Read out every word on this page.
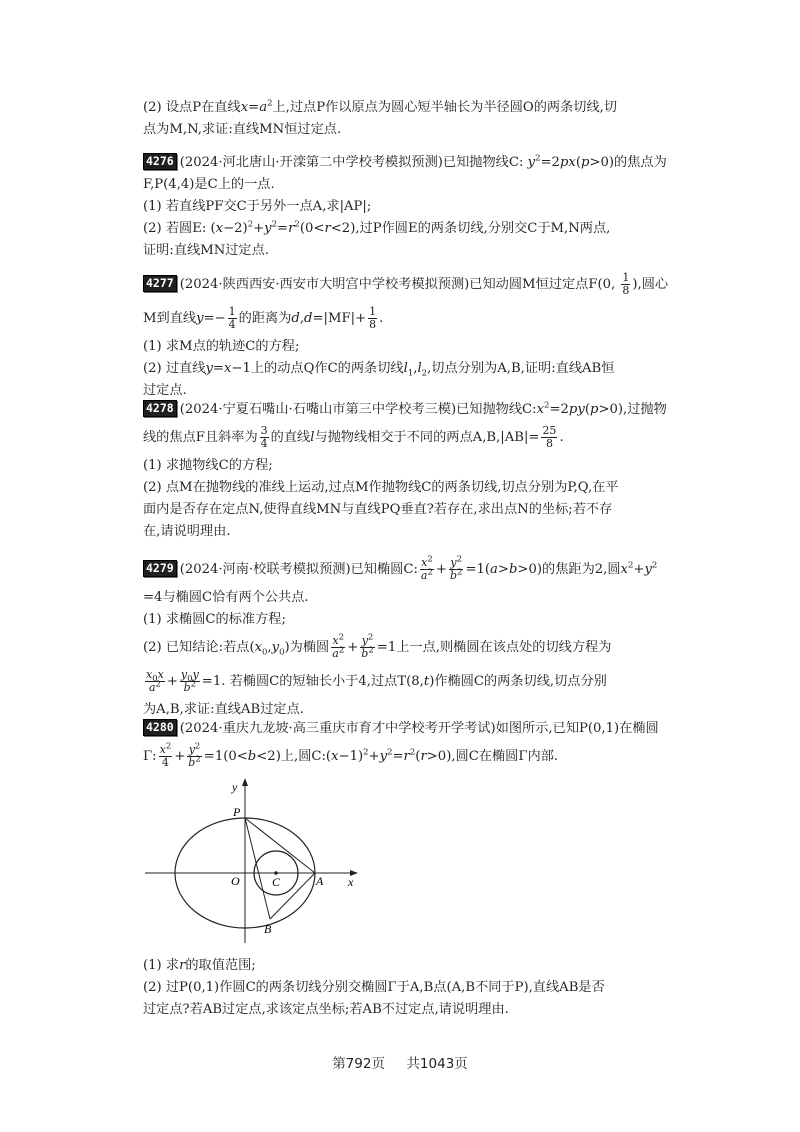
(2) 设点P在直线$x=a^2$上,过点P作以原点为圆心短半轴长为半径圆O的两条切线,切
点为M,N,求证:直线MN恒过定点.
4276 (2024·河北唐山·开滦第二中学校考模拟预测)已知抛物线C: $y^2=2px(p>0)$的焦点为
F,P(4,4)是C上的一点.
(1) 若直线PF交C于另外一点A,求|AP|;
(2) 若圆E: $(x-2)^2+y^2=r^2(0<r<2)$,过P作圆E的两条切线,分别交C于M,N两点,
证明:直线MN过定点.
4277 (2024·陕西西安·西安市大明宫中学校考模拟预测)已知动圆M恒过定点F(0, $\frac{1}{8}$ ),圆心
M到直线$y=- \frac{1}{4}$ 的距离为$d,d=|MF|+ \frac{1}{8}$ .
(1) 求M点的轨迹C的方程;
(2) 过直线y=x−1上的动点Q作C的两条切线$l_1,l_2$,切点分别为A,B,证明:直线AB恒
过定点.
4278 (2024·宁夏石嘴山·石嘴山市第三中学校考三模)已知抛物线$C:x^2=2py(p>0)$,过抛物
线的焦点F且斜率为 $\frac{3}{4}$ 的直线l与抛物线相交于不同的两点$A,B,|AB|= \frac{25}{8}$ .
(1) 求抛物线C的方程;
(2) 点M在抛物线的准线上运动,过点M作抛物线C的两条切线,切点分别为P,Q,在平
面内是否存在定点N,使得直线MN与直线PQ垂直?若存在,求出点N的坐标;若不存
在,请说明理由.
4279 (2024·河南·校联考模拟预测)已知椭圆C: $\frac{x^2}{a^2} + \frac{y^2}{b^2} =1(a>b>0)$的焦距为2,圆$x^2+y^2$
=4与椭圆C恰有两个公共点.
(1) 求椭圆C的标准方程;
(2) 已知结论:若点$(x_0,y_0)$为椭圆 $\frac{x^2}{a^2} + \frac{y^2}{b^2} =1$上一点,则椭圆在该点处的切线方程为
$\frac{x_0x}{a^2} + \frac{y_0y}{b^2} =1$. 若椭圆C的短轴长小于4,过点T(8,t)作椭圆C的两条切线,切点分别
为A,B,求证:直线AB过定点.
4280 (2024·重庆九龙坡·高三重庆市育才中学校考开学考试)如图所示,已知P(0,1)在椭圆
Γ: $\frac{x^2}{4} + \frac{y^2}{b^2} =1(0<b<2)$上,圆$C:(x-1)^2+y^2=r^2(r>0)$,圆C在椭圆Γ内部.
y
x
P
O	C	A
B
(1) 求r的取值范围;
(2) 过P(0,1)作圆C的两条切线分别交椭圆Γ于A,B点(A,B不同于P),直线AB是否
过定点?若AB过定点,求该定点坐标;若AB不过定点,请说明理由.
第792页 共1043页
